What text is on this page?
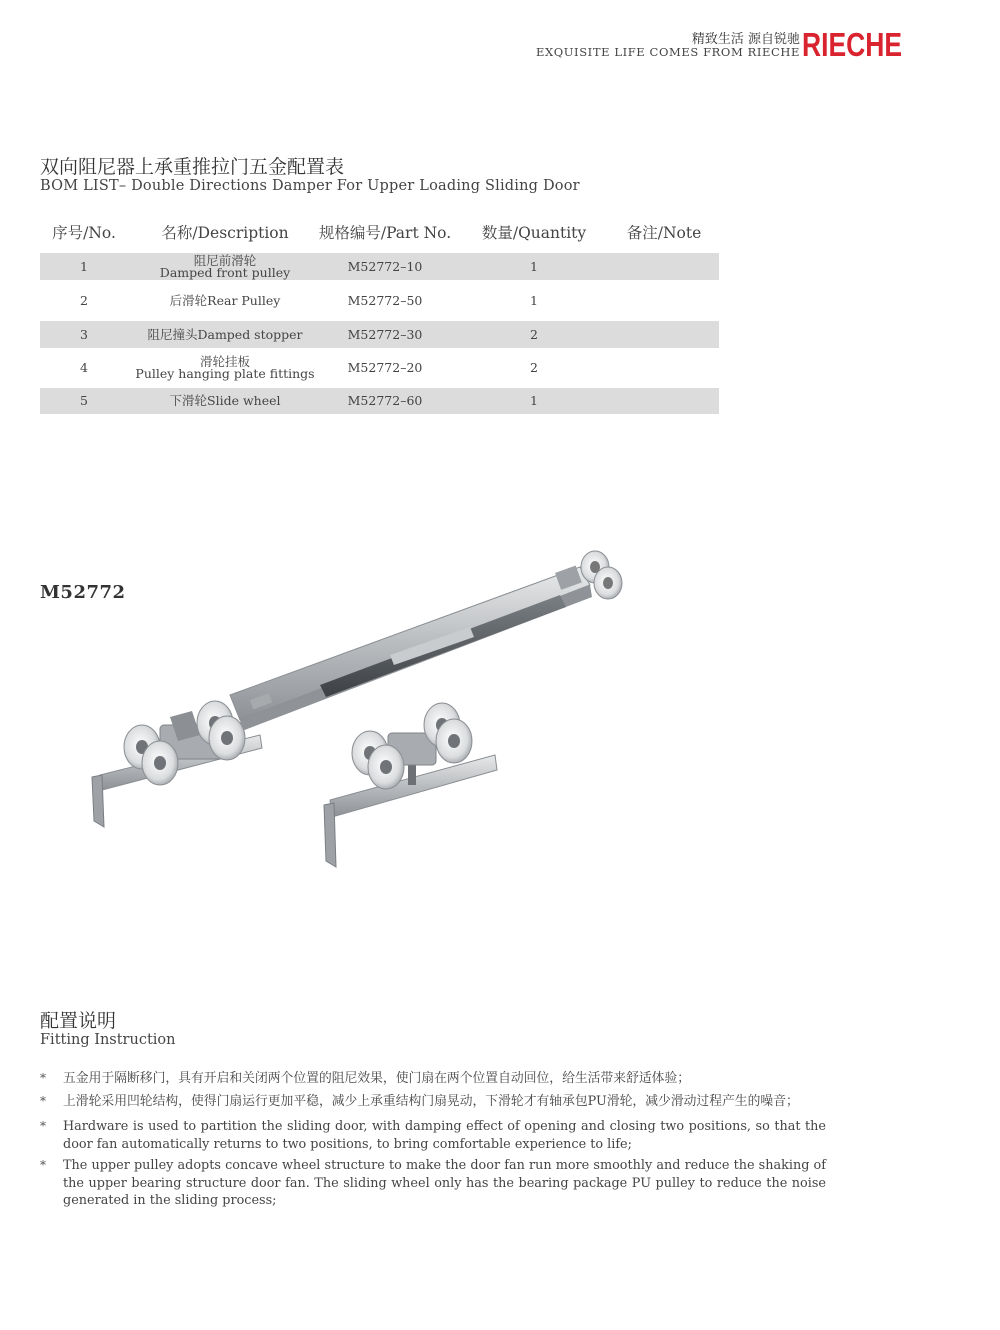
精致生活 源自锐驰
EXQUISITE LIFE COMES FROM RIECHE RIECHE
双向阻尼器上承重推拉门五金配置表
BOM LIST– Double Directions Damper For Upper Loading Sliding Door
序号/No.	名称/Description 规格编号/Part No. 数量/Quantity	备注/Note
1	阻尼前滑轮
Damped front pulley	M52772–10	1
2	后滑轮Rear Pulley	M52772–50	1
3	阻尼撞头Damped stopper	M52772–30	2
4	滑轮挂板
Pulley hanging plate fittings	M52772–20	2
5	下滑轮Slide wheel	M52772–60	1
M52772
配置说明
Fitting Instruction
* 五金用于隔断移门，具有开启和关闭两个位置的阻尼效果，使门扇在两个位置自动回位，给生活带来舒适体验；
* 上滑轮采用凹轮结构，使得门扇运行更加平稳，减少上承重结构门扇晃动，下滑轮才有轴承包PU滑轮，减少滑动过程产生的噪音；
* Hardware is used to partition the sliding door, with damping effect of opening and closing two positions, so that the door fan automatically returns to two positions, to bring comfortable experience to life;
* The upper pulley adopts concave wheel structure to make the door fan run more smoothly and reduce the shaking of the upper bearing structure door fan. The sliding wheel only has the bearing package PU pulley to reduce the noise generated in the sliding process;
